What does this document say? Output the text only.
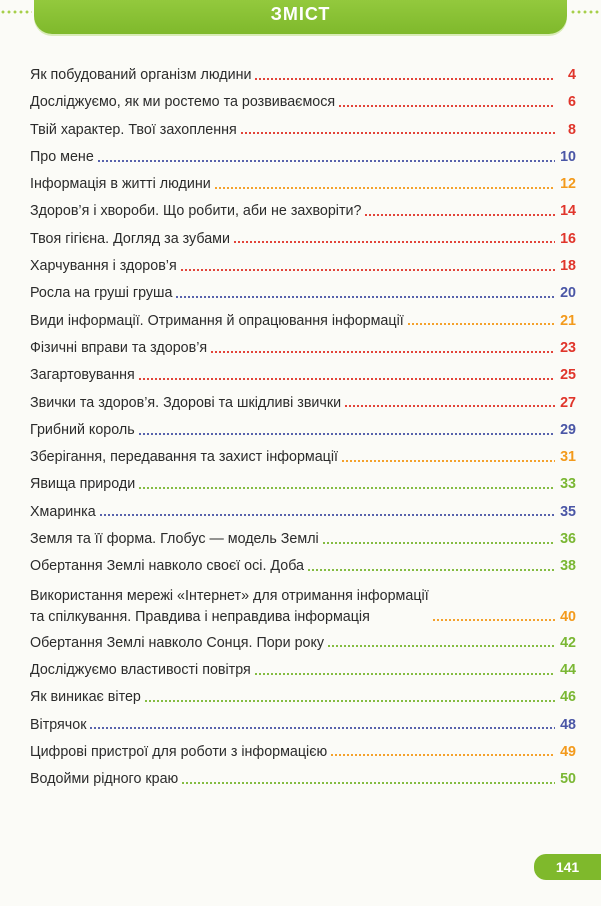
ЗМІСТ
Як побудований організм людини	4
Досліджуємо, як ми ростемо та розвиваємося	6
Твій характер. Твої захоплення	8
Про мене	10
Інформація в житті людини	12
Здоров’я і хвороби. Що робити, аби не захворіти?	14
Твоя гігієна. Догляд за зубами	16
Харчування і здоров’я	18
Росла на груші груша	20
Види інформації. Отримання й опрацювання інформації	21
Фізичні вправи та здоров’я	23
Загартовування	25
Звички та здоров’я. Здорові та шкідливі звички	27
Грибний король	29
Зберігання, передавання та захист інформації	31
Явища природи	33
Хмаринка	35
Земля та її форма. Глобус — модель Землі	36
Обертання Землі навколо своєї осі. Доба	38
Використання мережі «Інтернет» для отримання інформації
та спілкування. Правдива і неправдива інформація	40
Обертання Землі навколо Сонця. Пори року	42
Досліджуємо властивості повітря	44
Як виникає вітер	46
Вітрячок	48
Цифрові пристрої для роботи з інформацією	49
Водойми рідного краю	50
141
